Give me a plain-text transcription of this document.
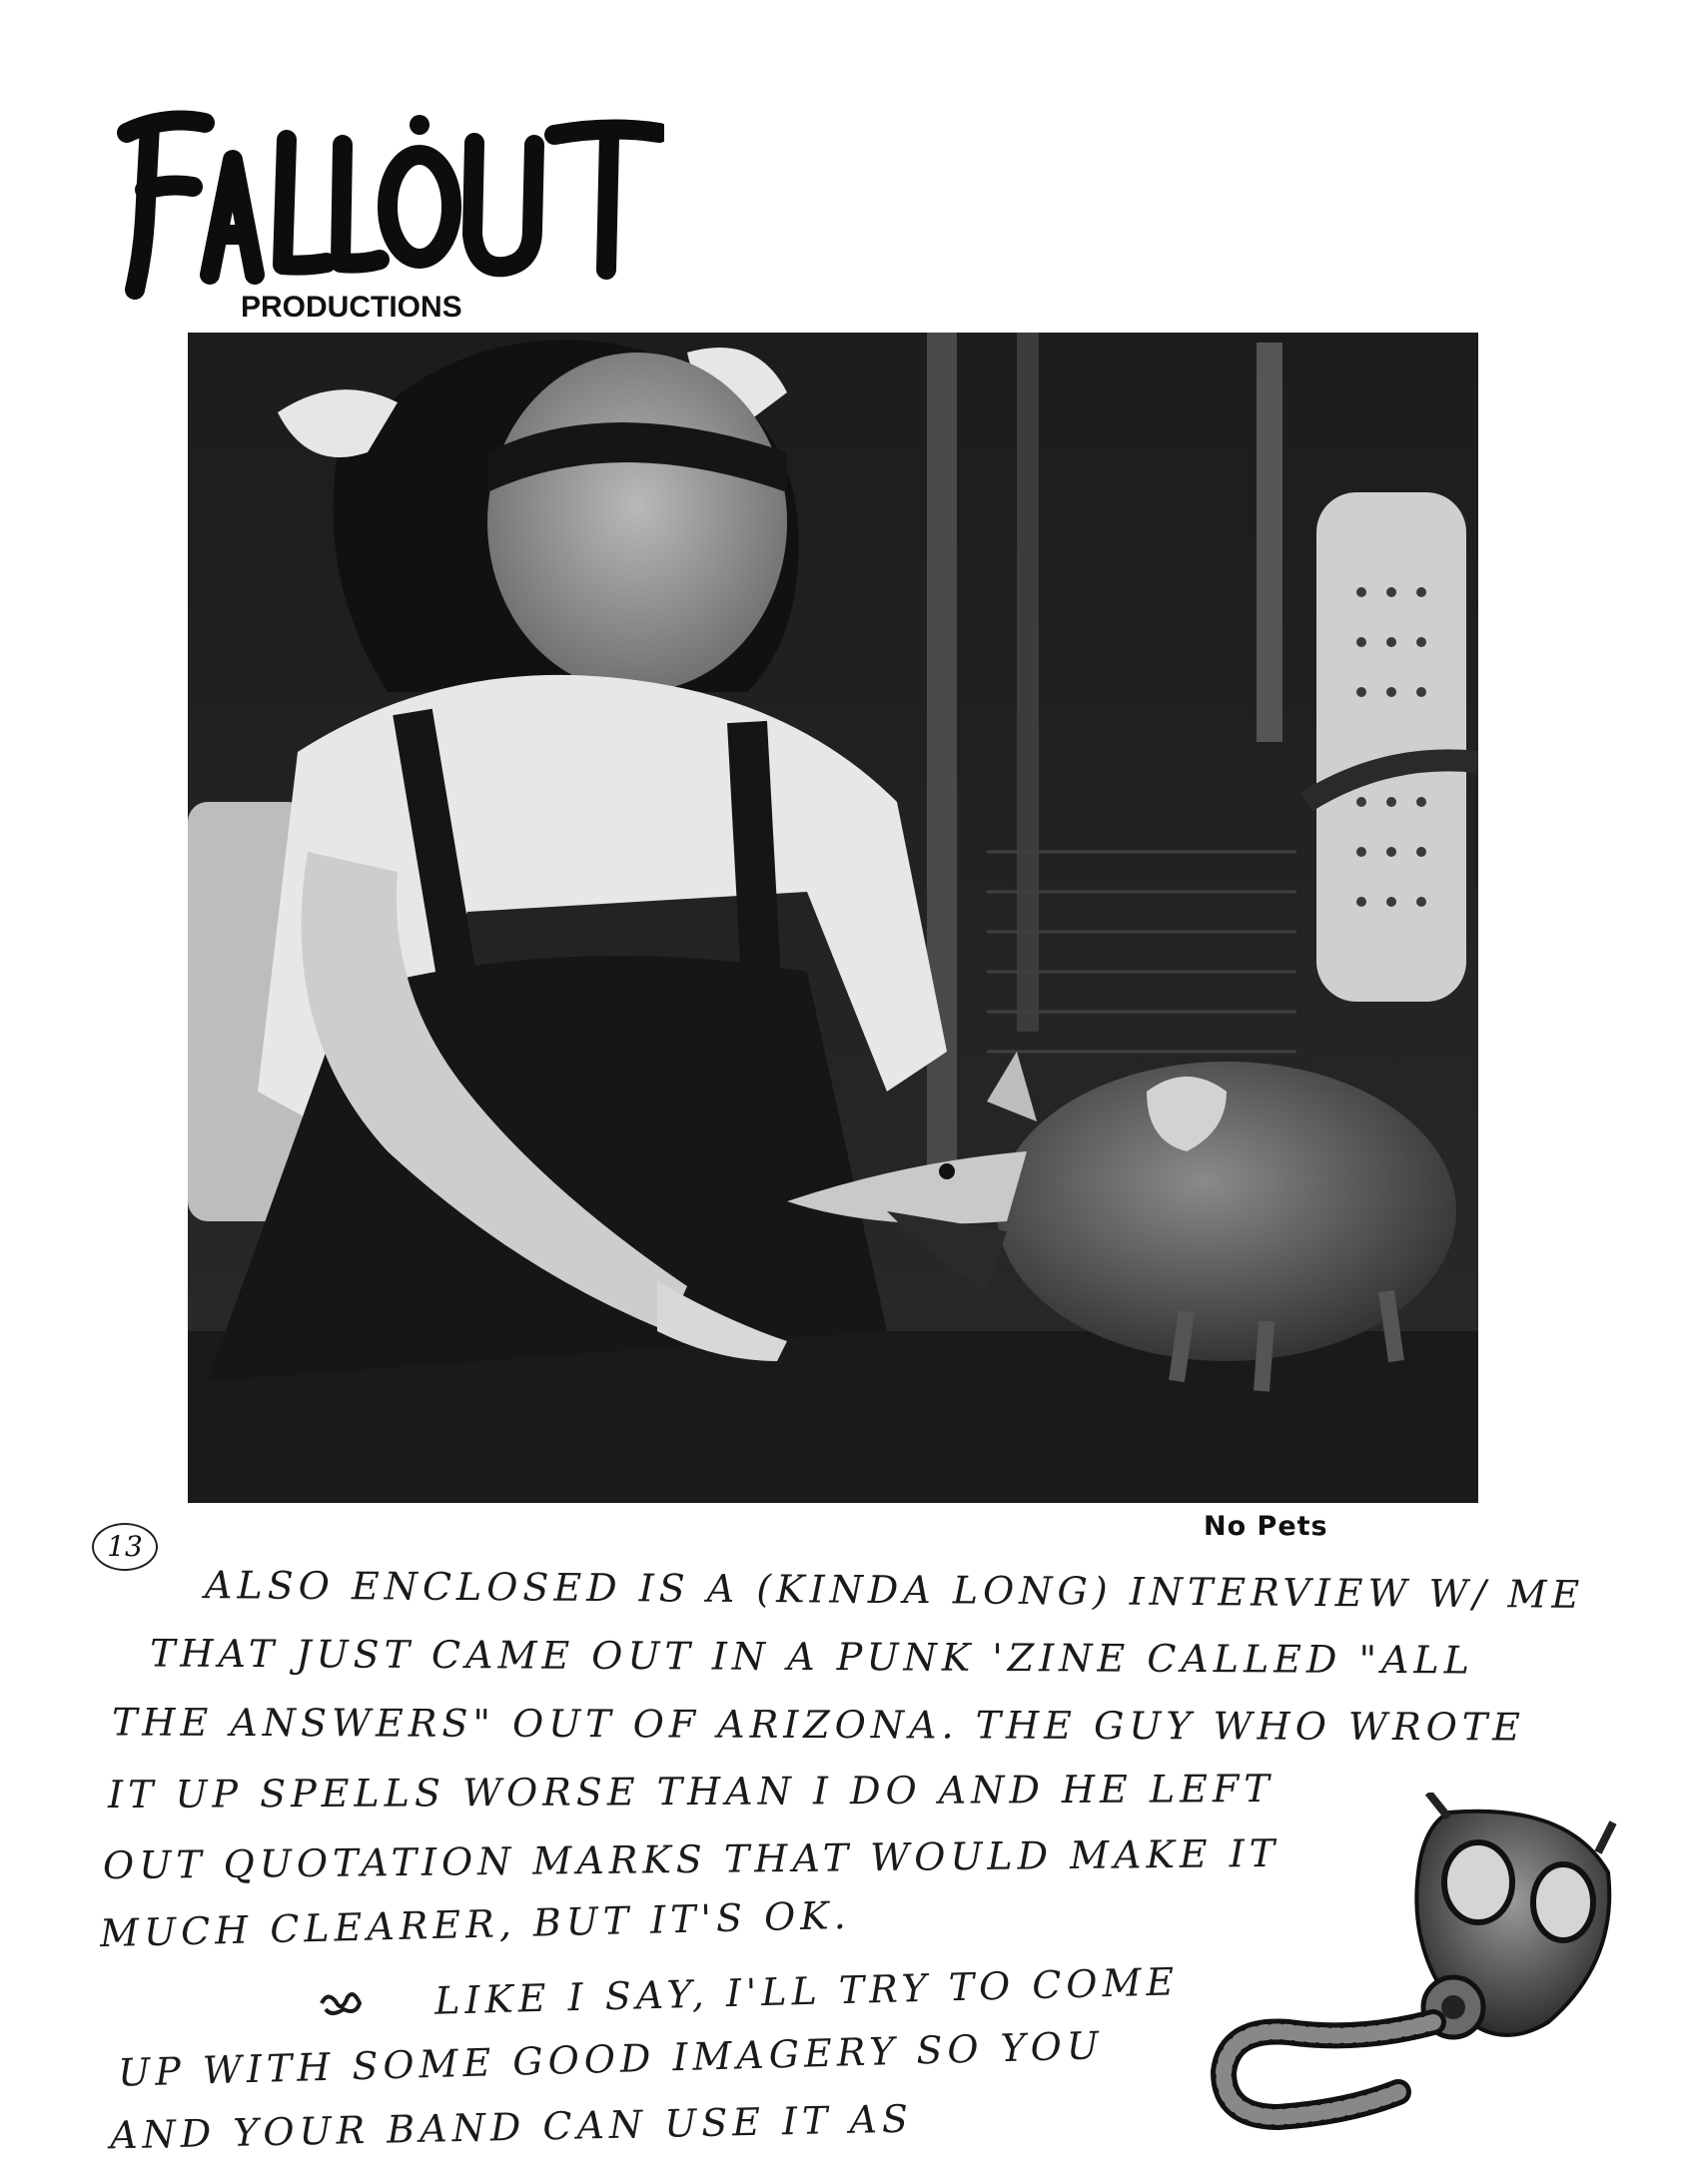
PRODUCTIONS
No Pets
13
ALSO ENCLOSED IS A (KINDA LONG) INTERVIEW W/ ME
THAT JUST CAME OUT IN A PUNK 'ZINE CALLED "ALL
THE ANSWERS" OUT OF ARIZONA. THE GUY WHO WROTE
IT UP SPELLS WORSE THAN I DO AND HE LEFT
OUT QUOTATION MARKS THAT WOULD MAKE IT
MUCH CLEARER, BUT IT'S OK.
LIKE I SAY, I'LL TRY TO COME
UP WITH SOME GOOD IMAGERY SO YOU
AND YOUR BAND CAN USE IT AS
